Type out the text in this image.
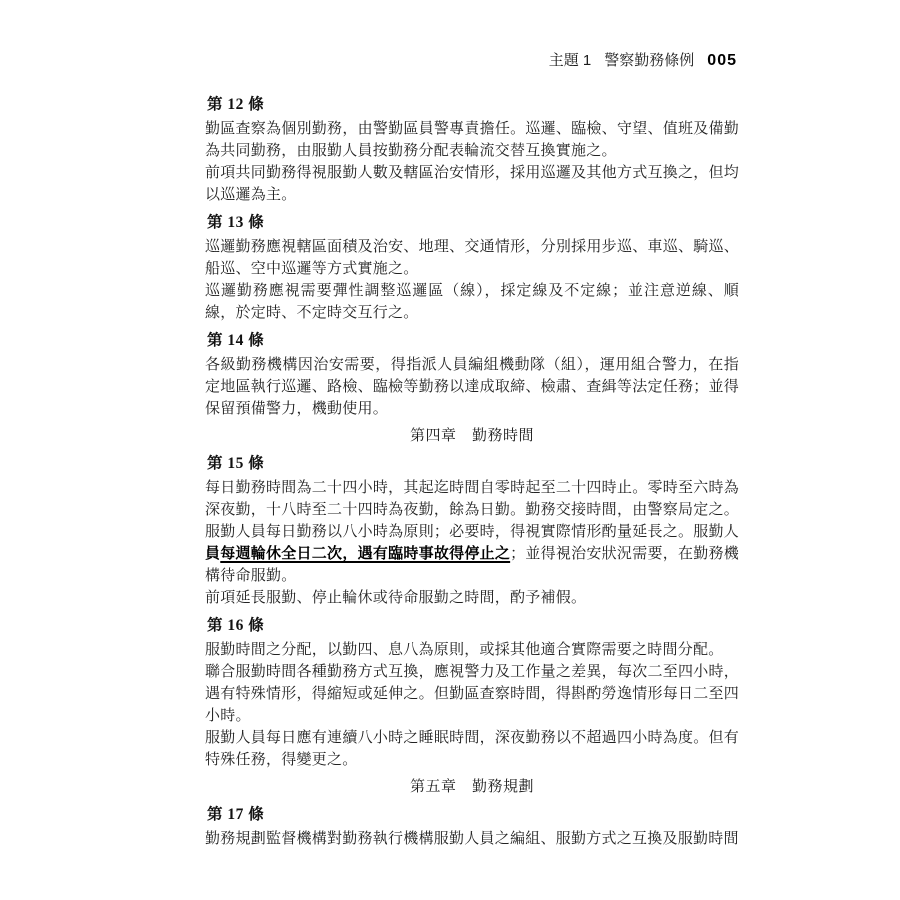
主題 1 警察勤務條例 005
第 12 條

勤區查察為個別勤務，由警勤區員警專責擔任。巡邏、臨檢、守望、值班及備勤為共同勤務，由服勤人員按勤務分配表輪流交替互換實施之。

前項共同勤務得視服勤人數及轄區治安情形，採用巡邏及其他方式互換之，但均以巡邏為主。

第 13 條

巡邏勤務應視轄區面積及治安、地理、交通情形，分別採用步巡、車巡、騎巡、船巡、空中巡邏等方式實施之。

巡邏勤務應視需要彈性調整巡邏區（線），採定線及不定線；並注意逆線、順線，於定時、不定時交互行之。

第 14 條

各級勤務機構因治安需要，得指派人員編組機動隊（組），運用組合警力，在指定地區執行巡邏、路檢、臨檢等勤務以達成取締、檢肅、查緝等法定任務；並得保留預備警力，機動使用。

第四章　勤務時間
第 15 條

每日勤務時間為二十四小時，其起迄時間自零時起至二十四時止。零時至六時為深夜勤，十八時至二十四時為夜勤，餘為日勤。勤務交接時間，由警察局定之。服勤人員每日勤務以八小時為原則；必要時，得視實際情形酌量延長之。服勤人員每週輪休全日二次，遇有臨時事故得停止之；並得視治安狀況需要，在勤務機構待命服勤。

前項延長服勤、停止輪休或待命服勤之時間，酌予補假。

第 16 條

服勤時間之分配，以勤四、息八為原則，或採其他適合實際需要之時間分配。

聯合服勤時間各種勤務方式互換，應視警力及工作量之差異，每次二至四小時，遇有特殊情形，得縮短或延伸之。但勤區查察時間，得斟酌勞逸情形每日二至四小時。

服勤人員每日應有連續八小時之睡眠時間，深夜勤務以不超過四小時為度。但有特殊任務，得變更之。

第五章　勤務規劃
第 17 條

勤務規劃監督機構對勤務執行機構服勤人員之編組、服勤方式之互換及服勤時間
